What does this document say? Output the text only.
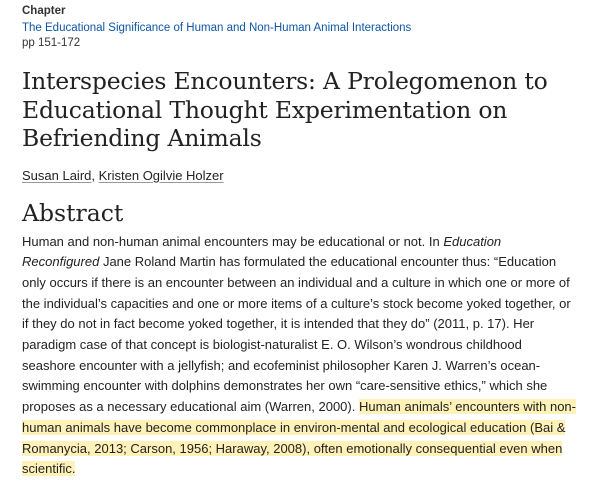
Chapter

The Educational Significance of Human and Non-Human Animal Interactions

pp 151-172

Interspecies Encounters: A Prolegomenon to Educational Thought Experimentation on Befriending Animals

Susan Laird, Kristen Ogilvie Holzer

Abstract

Human and non-human animal encounters may be educational or not. In Education Reconfigured Jane Roland Martin has formulated the educational encounter thus: “Education only occurs if there is an encounter between an individual and a culture in which one or more of the individual’s capacities and one or more items of a culture’s stock become yoked together, or if they do not in fact become yoked together, it is intended that they do” (2011, p. 17). Her paradigm case of that concept is biologist-naturalist E. O. Wilson’s wondrous childhood seashore encounter with a jellyfish; and ecofeminist philosopher Karen J. Warren’s ocean-swimming encounter with dolphins demonstrates her own “care-sensitive ethics,” which she proposes as a necessary educational aim (Warren, 2000). Human animals’ encounters with non-human animals have become commonplace in environ-mental and ecological education (Bai & Romanycia, 2013; Carson, 1956; Haraway, 2008), often emotionally consequential even when scientific.
